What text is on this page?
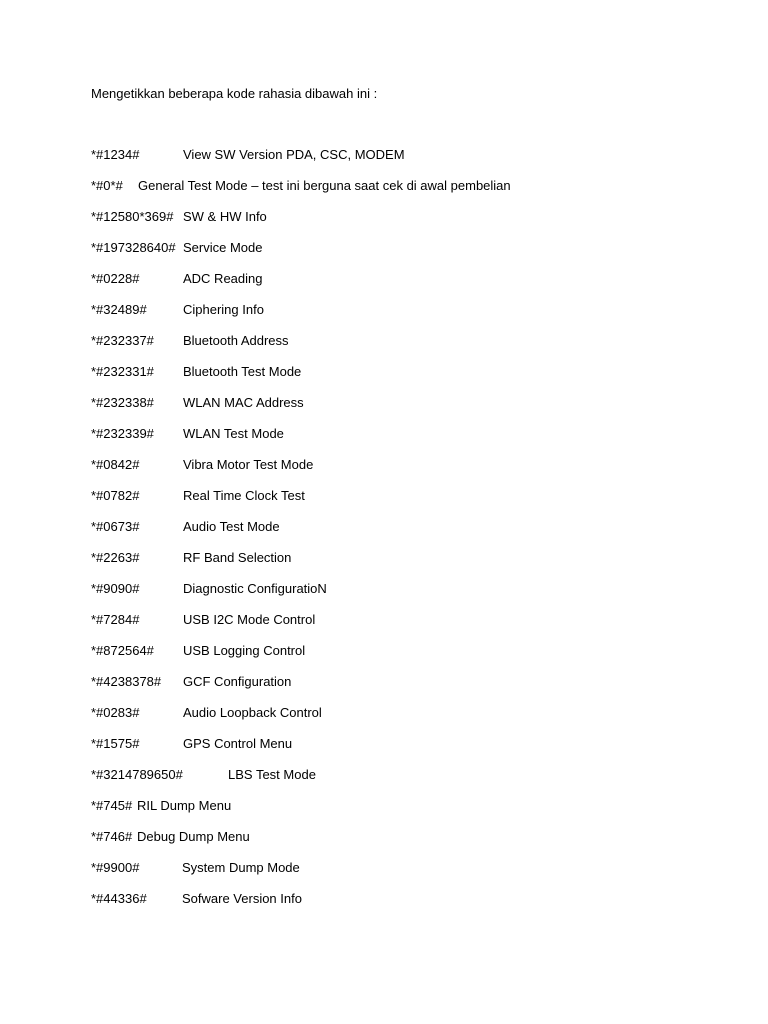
Mengetikkan beberapa kode rahasia dibawah ini :
*#1234#	View SW Version PDA, CSC, MODEM
*#0*#	General Test Mode – test ini berguna saat cek di awal pembelian
*#12580*369# SW & HW Info
*#197328640# Service Mode
*#0228#	ADC Reading
*#32489#	Ciphering Info
*#232337#	Bluetooth Address
*#232331#	Bluetooth Test Mode
*#232338#	WLAN MAC Address
*#232339#	WLAN Test Mode
*#0842#	Vibra Motor Test Mode
*#0782#	Real Time Clock Test
*#0673#	Audio Test Mode
*#2263#	RF Band Selection
*#9090#	Diagnostic ConfiguratioN
*#7284#	USB I2C Mode Control
*#872564#	USB Logging Control
*#4238378#	GCF Configuration
*#0283#	Audio Loopback Control
*#1575#	GPS Control Menu
*#3214789650#	LBS Test Mode
*#745# RIL Dump Menu
*#746# Debug Dump Menu
*#9900#	System Dump Mode
*#44336#	Sofware Version Info
